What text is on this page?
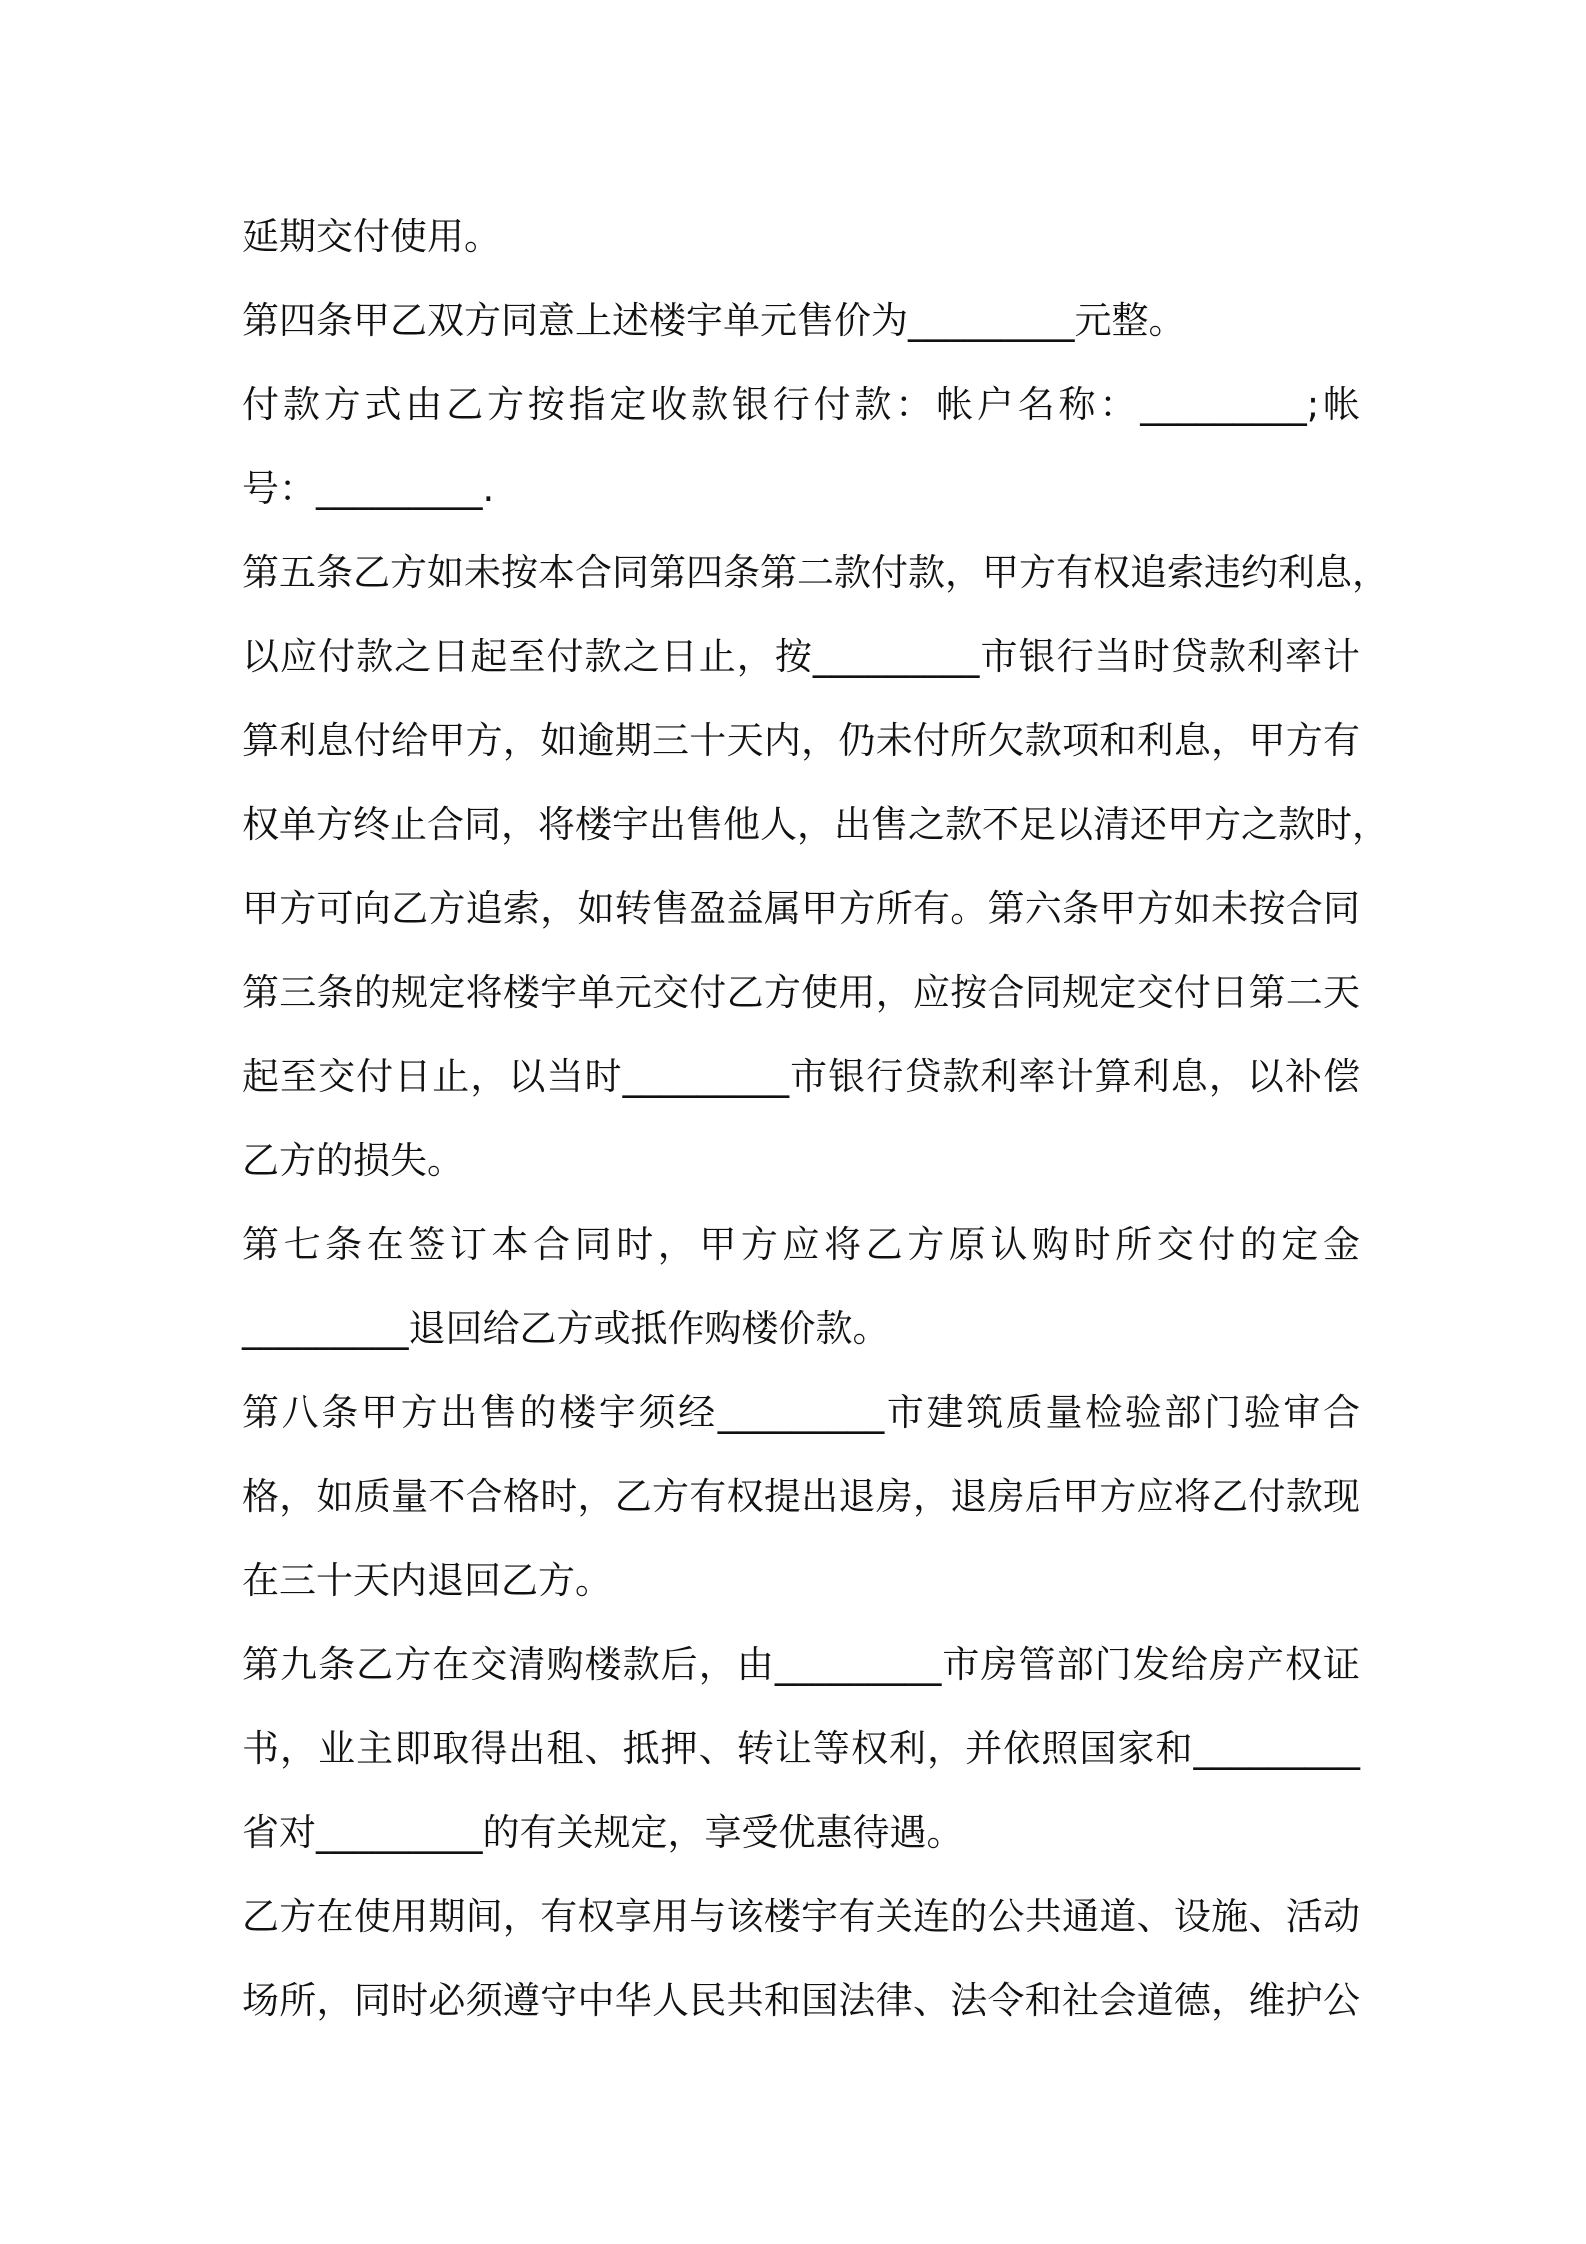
延期交付使用。
第四条甲乙双方同意上述楼宇单元售价为_________元整。
付款方式由乙方按指定收款银行付款：帐户名称：_________;帐
号：_________.
第五条乙方如未按本合同第四条第二款付款，甲方有权追索违约利息，
以应付款之日起至付款之日止，按_________市银行当时贷款利率计
算利息付给甲方，如逾期三十天内，仍未付所欠款项和利息，甲方有
权单方终止合同，将楼宇出售他人，出售之款不足以清还甲方之款时，
甲方可向乙方追索，如转售盈益属甲方所有。第六条甲方如未按合同
第三条的规定将楼宇单元交付乙方使用，应按合同规定交付日第二天
起至交付日止，以当时_________市银行贷款利率计算利息，以补偿
乙方的损失。
第七条在签订本合同时，甲方应将乙方原认购时所交付的定金
_________退回给乙方或抵作购楼价款。
第八条甲方出售的楼宇须经_________市建筑质量检验部门验审合
格，如质量不合格时，乙方有权提出退房，退房后甲方应将乙付款现
在三十天内退回乙方。
第九条乙方在交清购楼款后，由_________市房管部门发给房产权证
书，业主即取得出租、抵押、转让等权利，并依照国家和_________
省对_________的有关规定，享受优惠待遇。
乙方在使用期间，有权享用与该楼宇有关连的公共通道、设施、活动
场所，同时必须遵守中华人民共和国法律、法令和社会道德，维护公
